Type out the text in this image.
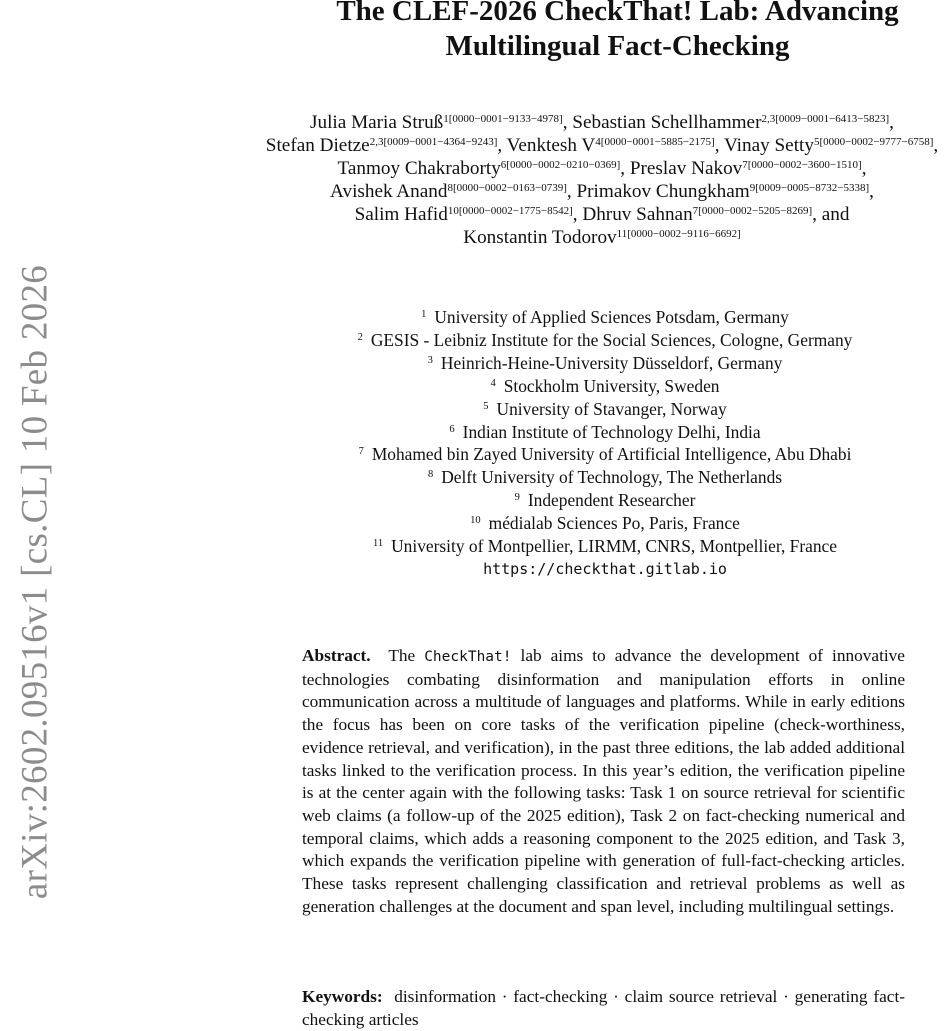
arXiv:2602.09516v1 [cs.CL] 10 Feb 2026
The CLEF-2026 CheckThat! Lab: Advancing
Multilingual Fact-Checking
Julia Maria Struß$^{1[0000-0001-9133-4978]}$, Sebastian Schellhammer$^{2,3[0009-0001-6413-5823]}$, Stefan Dietze$^{2,3[0009-0001-4364-9243]}$, Venktesh $V^{4[0000-0001-5885-2175]}$, Vinay Setty$^{5[0000-0002-9777-6758]}$, Tanmoy Chakraborty$^{6[0000-0002-0210-0369]}$, Preslav Nakov$^{7[0000-0002-3600-1510]}$, Avishek Anand$^{8[0000-0002-0163-0739]}$, Primakov Chungkham$^{9[0009-0005-8732-5338]}$, Salim Hafid$^{10[0000-0002-1775-8542]}$, Dhruv Sahnan$^{7[0000-0002-5205-8269]}$, and Konstantin Todorov$^{11[0000-0002-9116-6692]}$
$^1$ University of Applied Sciences Potsdam, Germany
$^2$ GESIS - Leibniz Institute for the Social Sciences, Cologne, Germany
$^3$ Heinrich-Heine-University Düsseldorf, Germany
$^4$ Stockholm University, Sweden
$^5$ University of Stavanger, Norway
$^6$ Indian Institute of Technology Delhi, India
$^7$ Mohamed bin Zayed University of Artificial Intelligence, Abu Dhabi
$^8$ Delft University of Technology, The Netherlands
$^9$ Independent Researcher
$^{10}$ médialab Sciences Po, Paris, France
$^{11}$ University of Montpellier, LIRMM, CNRS, Montpellier, France
https://checkthat.gitlab.io
Abstract. The CheckThat! lab aims to advance the development of innovative technologies combating disinformation and manipulation efforts in online communication across a multitude of languages and platforms. While in early editions the focus has been on core tasks of the verification pipeline (check-worthiness, evidence retrieval, and verification), in the past three editions, the lab added additional tasks linked to the verification process. In this year’s edition, the verification pipeline is at the center again with the following tasks: Task 1 on source retrieval for scientific web claims (a follow-up of the 2025 edition), Task 2 on fact-checking numerical and temporal claims, which adds a reasoning component to the 2025 edition, and Task 3, which expands the verification pipeline with generation of full-fact-checking articles. These tasks represent challenging classification and retrieval problems as well as generation challenges at the document and span level, including multilingual settings.
Keywords: disinformation · fact-checking · claim source retrieval · generating fact-checking articles
